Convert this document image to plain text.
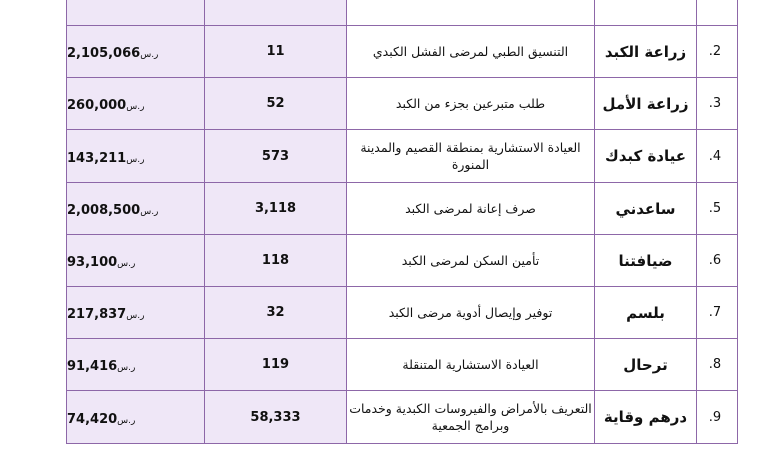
.2	زراعة الكبد	التنسيق الطبي لمرضى الفشل الكبدي	11	2,105,066ر.س
.3	زراعة الأمل	طلب متبرعين بجزء من الكبد	52	260,000ر.س
.4	عيادة كبدك	العيادة الاستشارية بمنطقة القصيم والمدينة المنورة	573	143,211ر.س
.5	ساعدني	صرف إعانة لمرضى الكبد	3,118	2,008,500ر.س
.6	ضيافتنا	تأمين السكن لمرضى الكبد	118	93,100ر.س
.7	بلسم	توفير وإيصال أدوية مرضى الكبد	32	217,837ر.س
.8	ترحال	العيادة الاستشارية المتنقلة	119	91,416ر.س
.9	درهم وقاية	التعريف بالأمراض والفيروسات الكبدية وخدمات وبرامج الجمعية	58,333	74,420ر.س
